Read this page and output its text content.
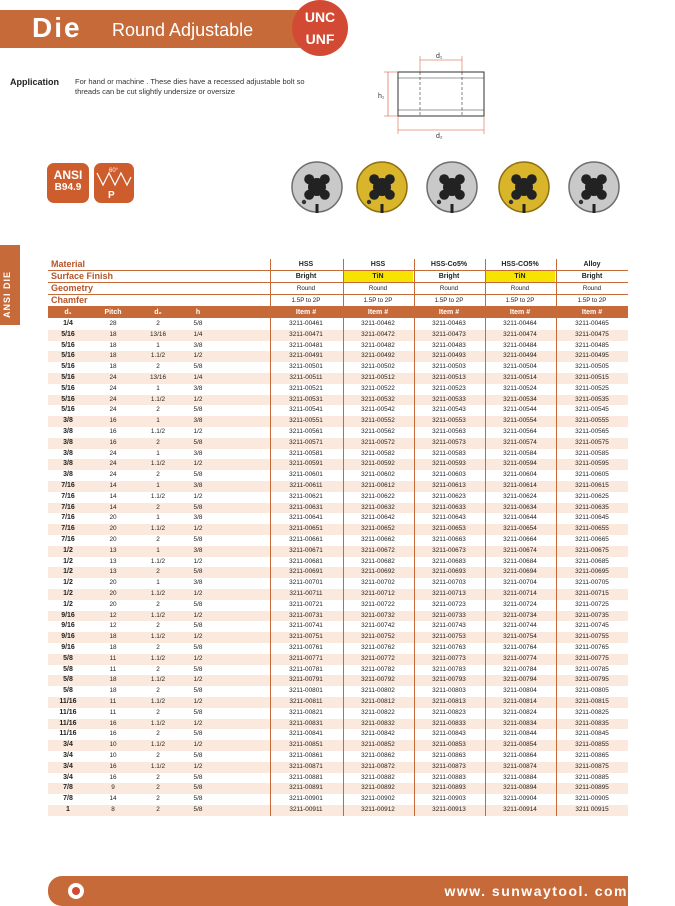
Die Round Adjustable
UNC
UNF
Application For hand or machine . These dies have a recessed adjustable bolt so threads can be cut slightly undersize or oversize
d₁
d₂
h₁
ANSI
B94.9
60°
P
ANSI DIE
Material	HSS	HSS	HSS-Co5%	HSS-CO5%	Alloy
Surface Finish	Bright	TiN	Bright	TiN	Bright
Geometry	Round	Round	Round	Round	Round
Chamfer	1.5P to 2P	1.5P to 2P	1.5P to 2P	1.5P to 2P	1.5P to 2P
d₁	Pitch	d₂	h	Item #	Item #	Item #	Item #	Item #
1/4	28	2	5/8	3211-00461	3211-00462	3211-00463	3211-00464	3211-00465
5/16	18	13/16	1/4	3211-00471	3211-00472	3211-00473	3211-00474	3211-00475
5/16	18	1	3/8	3211-00481	3211-00482	3211-00483	3211-00484	3211-00485
5/16	18	1.1/2	1/2	3211-00491	3211-00492	3211-00493	3211-00494	3211-00495
5/16	18	2	5/8	3211-00501	3211-00502	3211-00503	3211-00504	3211-00505
5/16	24	13/16	1/4	3211-00511	3211-00512	3211-00513	3211-00514	3211-00515
5/16	24	1	3/8	3211-00521	3211-00522	3211-00523	3211-00524	3211-00525
5/16	24	1.1/2	1/2	3211-00531	3211-00532	3211-00533	3211-00534	3211-00535
5/16	24	2	5/8	3211-00541	3211-00542	3211-00543	3211-00544	3211-00545
3/8	16	1	3/8	3211-00551	3211-00552	3211-00553	3211-00554	3211-00555
3/8	16	1.1/2	1/2	3211-00561	3211-00562	3211-00563	3211-00564	3211-00565
3/8	16	2	5/8	3211-00571	3211-00572	3211-00573	3211-00574	3211-00575
3/8	24	1	3/8	3211-00581	3211-00582	3211-00583	3211-00584	3211-00585
3/8	24	1.1/2	1/2	3211-00591	3211-00592	3211-00593	3211-00594	3211-00595
3/8	24	2	5/8	3211-00601	3211-00602	3211-00603	3211-00604	3211-00605
7/16	14	1	3/8	3211-00611	3211-00612	3211-00613	3211-00614	3211-00615
7/16	14	1.1/2	1/2	3211-00621	3211-00622	3211-00623	3211-00624	3211-00625
7/16	14	2	5/8	3211-00631	3211-00632	3211-00633	3211-00634	3211-00635
7/16	20	1	3/8	3211-00641	3211-00642	3211-00643	3211-00644	3211-00645
7/16	20	1.1/2	1/2	3211-00651	3211-00652	3211-00653	3211-00654	3211-00655
7/16	20	2	5/8	3211-00661	3211-00662	3211-00663	3211-00664	3211-00665
1/2	13	1	3/8	3211-00671	3211-00672	3211-00673	3211-00674	3211-00675
1/2	13	1.1/2	1/2	3211-00681	3211-00682	3211-00683	3211-00684	3211-00685
1/2	13	2	5/8	3211-00691	3211-00692	3211-00693	3211-00694	3211-00695
1/2	20	1	3/8	3211-00701	3211-00702	3211-00703	3211-00704	3211-00705
1/2	20	1.1/2	1/2	3211-00711	3211-00712	3211-00713	3211-00714	3211-00715
1/2	20	2	5/8	3211-00721	3211-00722	3211-00723	3211-00724	3211-00725
9/16	12	1.1/2	1/2	3211-00731	3211-00732	3211-00733	3211-00734	3211-00735
9/16	12	2	5/8	3211-00741	3211-00742	3211-00743	3211-00744	3211-00745
9/16	18	1.1/2	1/2	3211-00751	3211-00752	3211-00753	3211-00754	3211-00755
9/16	18	2	5/8	3211-00761	3211-00762	3211-00763	3211-00764	3211-00765
5/8	11	1.1/2	1/2	3211-00771	3211-00772	3211-00773	3211-00774	3211-00775
5/8	11	2	5/8	3211-00781	3211-00782	3211-00783	3211-00784	3211-00785
5/8	18	1.1/2	1/2	3211-00791	3211-00792	3211-00793	3211-00794	3211-00795
5/8	18	2	5/8	3211-00801	3211-00802	3211-00803	3211-00804	3211-00805
11/16	11	1.1/2	1/2	3211-00811	3211-00812	3211-00813	3211-00814	3211-00815
11/16	11	2	5/8	3211-00821	3211-00822	3211-00823	3211-00824	3211-00825
11/16	16	1.1/2	1/2	3211-00831	3211-00832	3211-00833	3211-00834	3211-00835
11/16	16	2	5/8	3211-00841	3211-00842	3211-00843	3211-00844	3211-00845
3/4	10	1.1/2	1/2	3211-00851	3211-00852	3211-00853	3211-00854	3211-00855
3/4	10	2	5/8	3211-00861	3211-00862	3211-00863	3211-00864	3211-00865
3/4	16	1.1/2	1/2	3211-00871	3211-00872	3211-00873	3211-00874	3211-00875
3/4	16	2	5/8	3211-00881	3211-00882	3211-00883	3211-00884	3211-00885
7/8	9	2	5/8	3211-00891	3211-00892	3211-00893	3211-00894	3211-00895
7/8	14	2	5/8	3211-00901	3211-00902	3211-00903	3211-00904	3211-00905
1	8	2	5/8	3211-00911	3211-00912	3211-00913	3211-00914	3211 00915
www. sunwaytool. com
